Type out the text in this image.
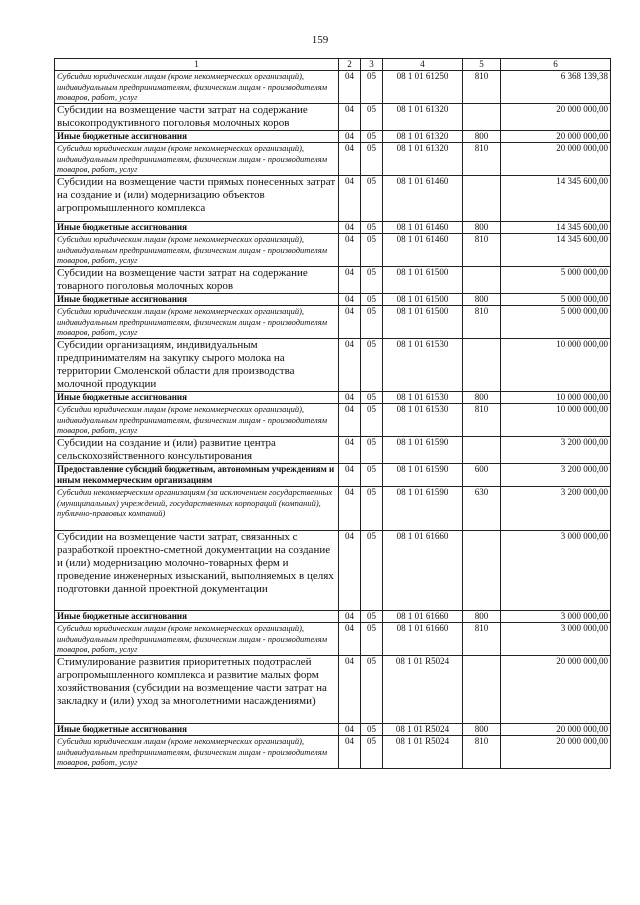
159
1	2	3	4	5	6
Субсидии юридическим лицам (кроме некоммерческих организаций), индивидуальным предпринимателям, физическим лицам - производителям товаров, работ, услуг	04	05	08 1 01 61250	810	6 368 139,38
Субсидии на возмещение части затрат на содержание высокопродуктивного поголовья молочных коров	04	05	08 1 01 61320		20 000 000,00
Иные бюджетные ассигнования	04	05	08 1 01 61320	800	20 000 000,00
Субсидии юридическим лицам (кроме некоммерческих организаций), индивидуальным предпринимателям, физическим лицам - производителям товаров, работ, услуг	04	05	08 1 01 61320	810	20 000 000,00
Субсидии на возмещение части прямых понесенных затрат на создание и (или) модернизацию объектов агропромышленного комплекса	04	05	08 1 01 61460		14 345 600,00
Иные бюджетные ассигнования	04	05	08 1 01 61460	800	14 345 600,00
Субсидии юридическим лицам (кроме некоммерческих организаций), индивидуальным предпринимателям, физическим лицам - производителям товаров, работ, услуг	04	05	08 1 01 61460	810	14 345 600,00
Субсидии на возмещение части затрат на содержание товарного поголовья молочных коров	04	05	08 1 01 61500		5 000 000,00
Иные бюджетные ассигнования	04	05	08 1 01 61500	800	5 000 000,00
Субсидии юридическим лицам (кроме некоммерческих организаций), индивидуальным предпринимателям, физическим лицам - производителям товаров, работ, услуг	04	05	08 1 01 61500	810	5 000 000,00
Субсидии организациям, индивидуальным предпринимателям на закупку сырого молока на территории Смоленской области для производства молочной продукции	04	05	08 1 01 61530		10 000 000,00
Иные бюджетные ассигнования	04	05	08 1 01 61530	800	10 000 000,00
Субсидии юридическим лицам (кроме некоммерческих организаций), индивидуальным предпринимателям, физическим лицам - производителям товаров, работ, услуг	04	05	08 1 01 61530	810	10 000 000,00
Субсидии на создание и (или) развитие центра сельскохозяйственного консультирования	04	05	08 1 01 61590		3 200 000,00
Предоставление субсидий бюджетным, автономным учреждениям и иным некоммерческим организациям	04	05	08 1 01 61590	600	3 200 000,00
Субсидии некоммерческим организациям (за исключением государственных (муниципальных) учреждений, государственных корпораций (компаний), публично-правовых компаний)	04	05	08 1 01 61590	630	3 200 000,00
Субсидии на возмещение части затрат, связанных с разработкой проектно-сметной документации на создание и (или) модернизацию молочно-товарных ферм и проведение инженерных изысканий, выполняемых в целях подготовки данной проектной документации	04	05	08 1 01 61660		3 000 000,00
Иные бюджетные ассигнования	04	05	08 1 01 61660	800	3 000 000,00
Субсидии юридическим лицам (кроме некоммерческих организаций), индивидуальным предпринимателям, физическим лицам - производителям товаров, работ, услуг	04	05	08 1 01 61660	810	3 000 000,00
Стимулирование развития приоритетных подотраслей агропромышленного комплекса и развитие малых форм хозяйствования (субсидии на возмещение части затрат на закладку и (или) уход за многолетними насаждениями)	04	05	08 1 01 R5024		20 000 000,00
Иные бюджетные ассигнования	04	05	08 1 01 R5024	800	20 000 000,00
Субсидии юридическим лицам (кроме некоммерческих организаций), индивидуальным предпринимателям, физическим лицам - производителям товаров, работ, услуг	04	05	08 1 01 R5024	810	20 000 000,00
